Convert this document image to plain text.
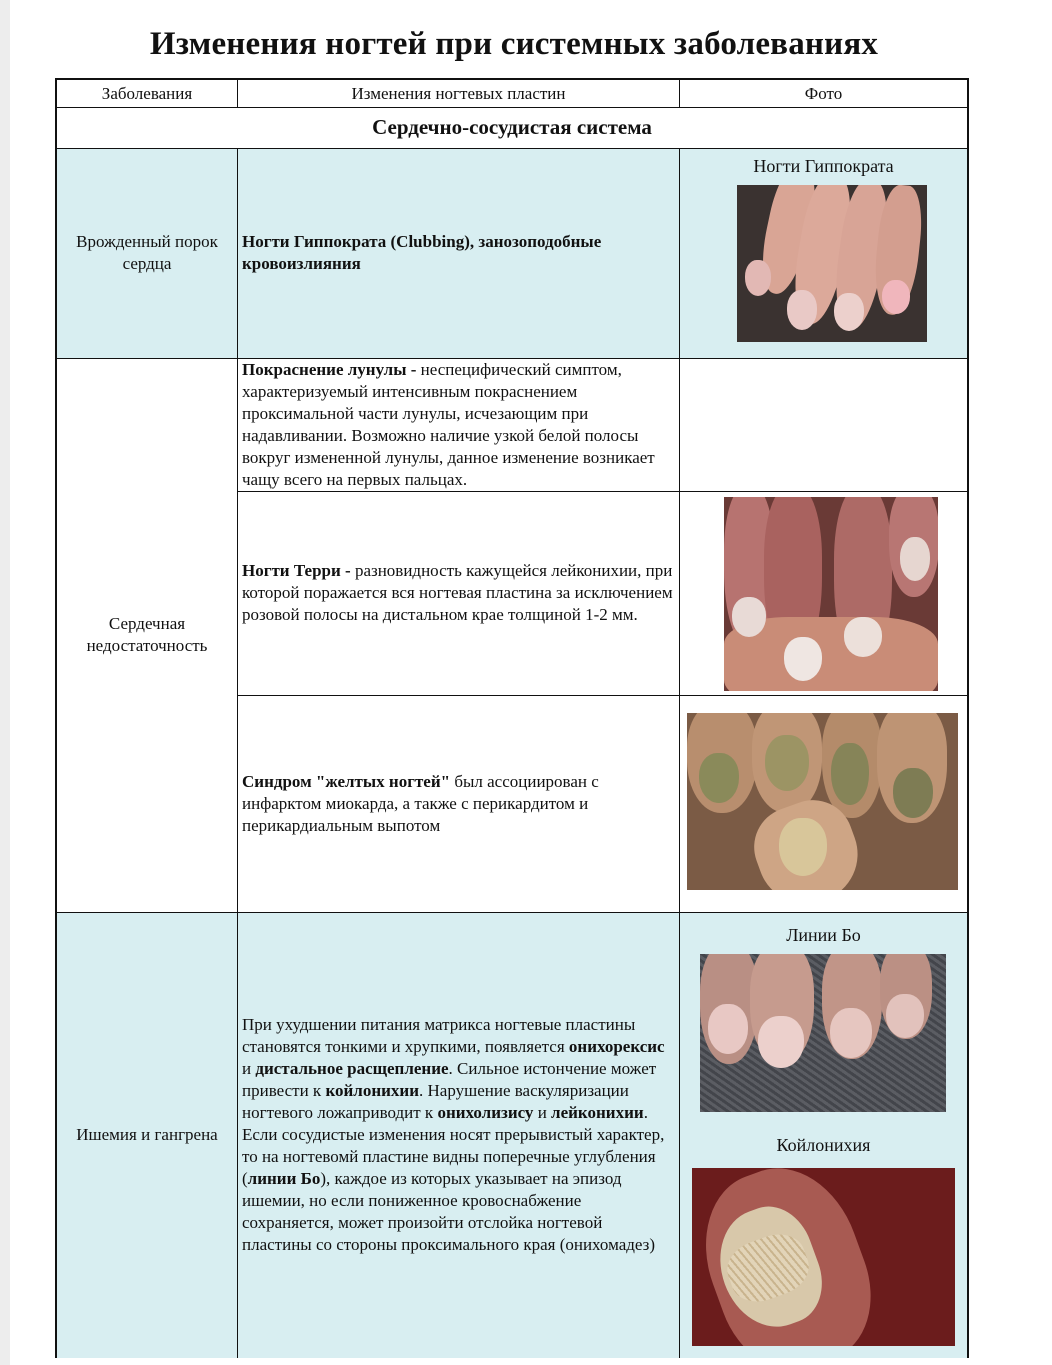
Изменения ногтей при системных заболеваниях
Заболевания	Изменения ногтевых пластин	Фото
Сердечно-сосудистая система
Врожденный порок сердца
Ногти Гиппократа (Clubbing), занозоподобные кровоизлияния
Ногти Гиппократа
Сердечная недостаточность
Покраснение лунулы - неспецифический симптом, характеризуемый интенсивным покраснением проксимальной части лунулы, исчезающим при надавливании. Возможно наличие узкой белой полосы вокруг измененной лунулы, данное изменение возникает чащу всего на первых пальцах.
Ногти Терри - разновидность кажущейся лейконихии, при которой поражается вся ногтевая пластина за исключением розовой полосы на дистальном крае толщиной 1-2 мм.
Синдром "желтых ногтей" был ассоциирован с инфарктом миокарда, а также с перикардитом и перикардиальным выпотом
Ишемия и гангрена
При ухудшении питания матрикса ногтевые пластины становятся тонкими и хрупкими, появляется онихорексис и дистальное расщепление. Сильное истончение может привести к койлонихии. Нарушение васкуляризации ногтевого ложаприводит к онихолизису и лейконихии. Если сосудистые изменения носят прерывистый характер, то на ногтевомй пластине видны поперечные углубления (линии Бо), каждое из которых указывает на эпизод ишемии, но если пониженное кровоснабжение сохраняется, может произойти отслойка ногтевой пластины со стороны проксимального края (онихомадез)
Линии Бо
Койлонихия
